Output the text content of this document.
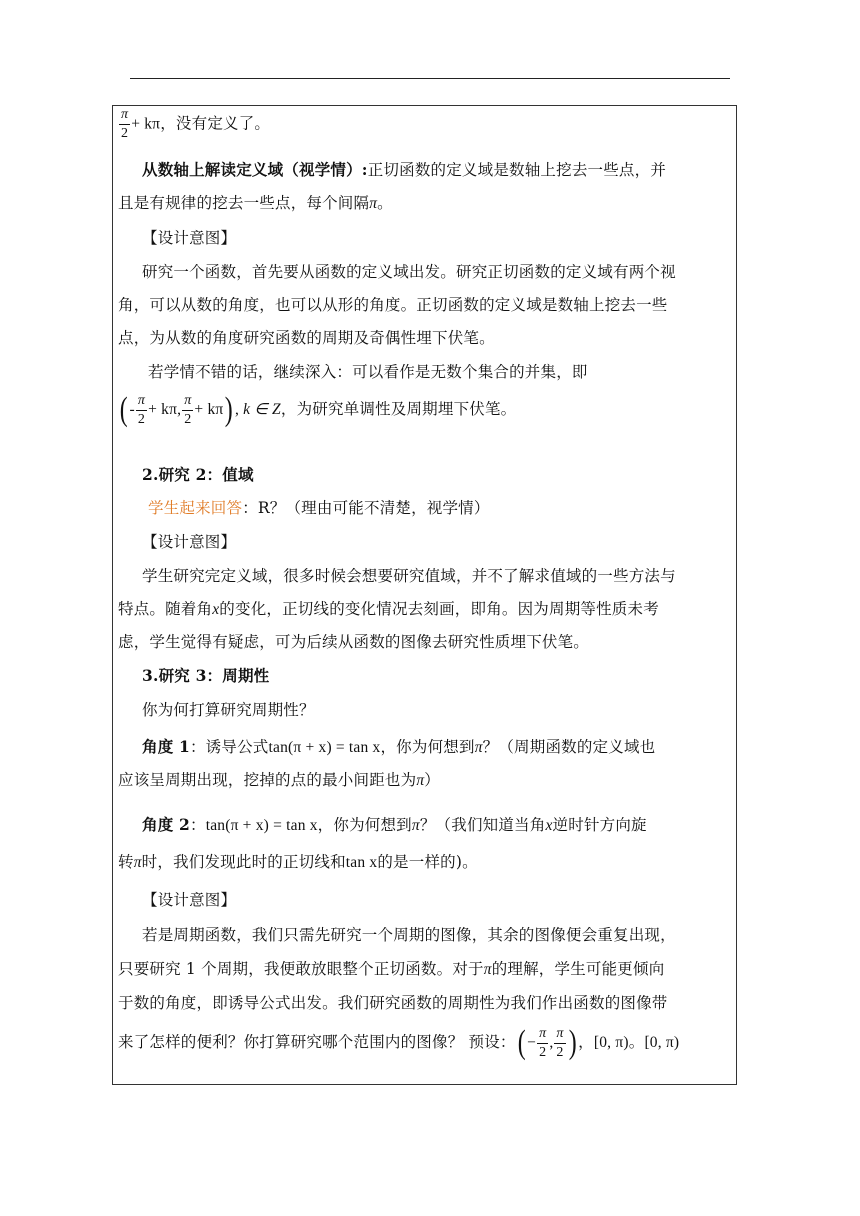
$\frac{\pi}{2} + k\pi$，没有定义了。
从数轴上解读定义域（视学情）:正切函数的定义域是数轴上挖去一些点，并
且是有规律的挖去一些点，每个间隔π。
【设计意图】
研究一个函数，首先要从函数的定义域出发。研究正切函数的定义域有两个视
角，可以从数的角度，也可以从形的角度。正切函数的定义域是数轴上挖去一些
点，为从数的角度研究函数的周期及奇偶性埋下伏笔。
若学情不错的话，继续深入：可以看作是无数个集合的并集，即
( - $\frac{\pi}{2} + k\pi$, $\frac{\pi}{2} + k\pi$) , k ∈ Z，为研究单调性及周期埋下伏笔。
2.研究 2：值域
学生起来回答：R？（理由可能不清楚，视学情）
【设计意图】
学生研究完定义域，很多时候会想要研究值域，并不了解求值域的一些方法与
特点。随着角x的变化，正切线的变化情况去刻画，即角。因为周期等性质未考
虑，学生觉得有疑虑，可为后续从函数的图像去研究性质埋下伏笔。
3.研究 3：周期性
你为何打算研究周期性？
角度 1：诱导公式tan(π + x) = tan x，你为何想到π？（周期函数的定义域也
应该呈周期出现，挖掉的点的最小间距也为π）
角度 2：tan(π + x) = tan x，你为何想到π？（我们知道当角x逆时针方向旋
转π时，我们发现此时的正切线和tan x的是一样的)。
【设计意图】
若是周期函数，我们只需先研究一个周期的图像，其余的图像便会重复出现，
只要研究 1 个周期，我便敢放眼整个正切函数。对于π的理解，学生可能更倾向
于数的角度，即诱导公式出发。我们研究函数的周期性为我们作出函数的图像带
来了怎样的便利？你打算研究哪个范围内的图像？ 预设：( − $\frac{\pi}{2}$ , $\frac{\pi}{2}$ ) ，[0, π)。[0, π)
